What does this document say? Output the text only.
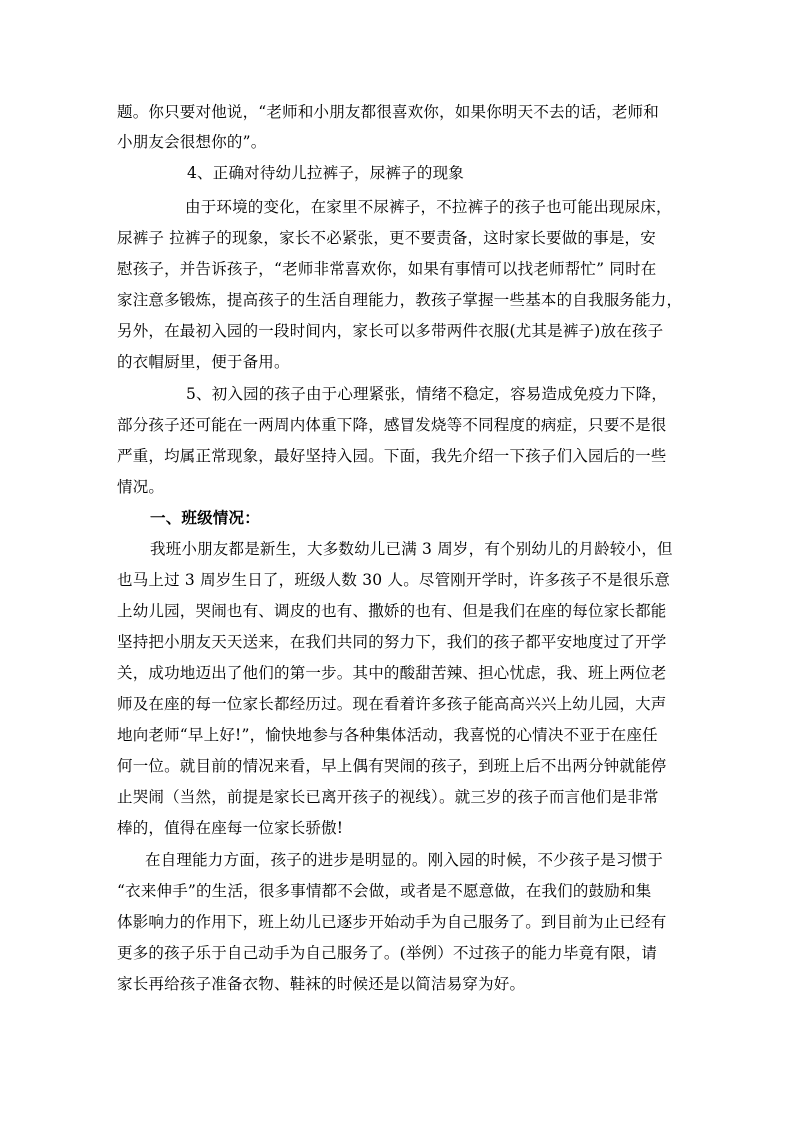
题。你只要对他说，“老师和小朋友都很喜欢你，如果你明天不去的话，老师和
小朋友会很想你的”。
4、正确对待幼儿拉裤子，尿裤子的现象
由于环境的变化，在家里不尿裤子，不拉裤子的孩子也可能出现尿床，
尿裤子 拉裤子的现象，家长不必紧张，更不要责备，这时家长要做的事是，安
慰孩子，并告诉孩子，“老师非常喜欢你，如果有事情可以找老师帮忙” 同时在
家注意多锻炼，提高孩子的生活自理能力，教孩子掌握一些基本的自我服务能力，
另外，在最初入园的一段时间内，家长可以多带两件衣服(尤其是裤子)放在孩子
的衣帽厨里，便于备用。
5、初入园的孩子由于心理紧张，情绪不稳定，容易造成免疫力下降，
部分孩子还可能在一两周内体重下降，感冒发烧等不同程度的病症，只要不是很
严重，均属正常现象，最好坚持入园。下面，我先介绍一下孩子们入园后的一些
情况。
一、班级情况：
我班小朋友都是新生，大多数幼儿已满 3 周岁，有个别幼儿的月龄较小，但
也马上过 3 周岁生日了，班级人数 30 人。尽管刚开学时，许多孩子不是很乐意
上幼儿园，哭闹也有、调皮的也有、撒娇的也有、但是我们在座的每位家长都能
坚持把小朋友天天送来，在我们共同的努力下，我们的孩子都平安地度过了开学
关，成功地迈出了他们的第一步。其中的酸甜苦辣、担心忧虑，我、班上两位老
师及在座的每一位家长都经历过。现在看着许多孩子能高高兴兴上幼儿园，大声
地向老师“早上好!”，愉快地参与各种集体活动，我喜悦的心情决不亚于在座任
何一位。就目前的情况来看，早上偶有哭闹的孩子，到班上后不出两分钟就能停
止哭闹（当然，前提是家长已离开孩子的视线）。就三岁的孩子而言他们是非常
棒的，值得在座每一位家长骄傲!
在自理能力方面，孩子的进步是明显的。刚入园的时候，不少孩子是习惯于
“衣来伸手”的生活，很多事情都不会做，或者是不愿意做，在我们的鼓励和集
体影响力的作用下，班上幼儿已逐步开始动手为自己服务了。到目前为止已经有
更多的孩子乐于自己动手为自己服务了。(举例）不过孩子的能力毕竟有限，请
家长再给孩子准备衣物、鞋袜的时候还是以简洁易穿为好。
